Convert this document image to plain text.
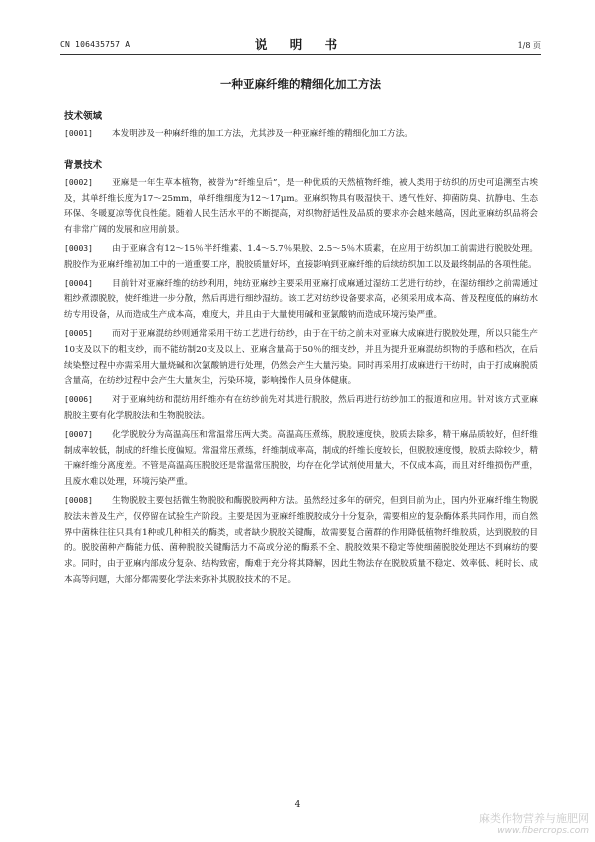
CN 106435757 A	说 明 书	1/8 页
一种亚麻纤维的精细化加工方法
技术领域

[0001] 本发明涉及一种麻纤维的加工方法，尤其涉及一种亚麻纤维的精细化加工方法。

背景技术

[0002] 亚麻是一年生草本植物，被誉为“纤维皇后”，是一种优质的天然植物纤维，被人类用于纺织的历史可追溯至古埃及，其单纤维长度为17～25mm，单纤维细度为12～17μm。亚麻织物具有吸湿快干、透气性好、抑菌防臭、抗静电、生态环保、冬暖夏凉等优良性能。随着人民生活水平的不断提高，对织物舒适性及品质的要求亦会越来越高，因此亚麻纺织品将会有非常广阔的发展和应用前景。

[0003] 由于亚麻含有12～15％半纤维素、1.4～5.7％果胶、2.5～5％木质素，在应用于纺织加工前需进行脱胶处理。脱胶作为亚麻纤维初加工中的一道重要工序，脱胶质量好坏，直接影响到亚麻纤维的后续纺织加工以及最终制品的各项性能。

[0004] 目前针对亚麻纤维的纺纱利用，纯纺亚麻纱主要采用亚麻打成麻通过湿纺工艺进行纺纱，在湿纺细纱之前需通过粗纱煮漂脱胶，使纤维进一步分散，然后再进行细纱湿纺。该工艺对纺纱设备要求高，必须采用成本高、普及程度低的麻纺水纺专用设备，从而造成生产成本高，难度大，并且由于大量使用碱和亚氯酸钠而造成环境污染严重。

[0005] 而对于亚麻混纺纱则通常采用干纺工艺进行纺纱，由于在干纺之前未对亚麻大成麻进行脱胶处理，所以只能生产10支及以下的粗支纱，而不能纺制20支及以上、亚麻含量高于50％的细支纱，并且为提升亚麻混纺织物的手感和档次，在后续染整过程中亦需采用大量烧碱和次氯酸钠进行处理，仍然会产生大量污染。同时再采用打成麻进行干纺时，由于打成麻脱质含量高，在纺纱过程中会产生大量灰尘，污染环境，影响操作人员身体健康。

[0006] 对于亚麻纯纺和混纺用纤维亦有在纺纱前先对其进行脱胶，然后再进行纺纱加工的报道和应用。针对该方式亚麻脱胶主要有化学脱胶法和生物脱胶法。

[0007] 化学脱胶分为高温高压和常温常压两大类。高温高压煮练，脱胶速度快，胶质去除多，精干麻品质较好，但纤维制成率较低，制成的纤维长度偏短。常温常压煮练，纤维制成率高，制成的纤维长度较长，但脱胶速度慢，胶质去除较少，精干麻纤维分离度差。不管是高温高压脱胶还是常温常压脱胶，均存在化学试剂使用量大，不仅成本高，而且对纤维损伤严重，且废水难以处理，环境污染严重。

[0008] 生物脱胶主要包括微生物脱胶和酶脱胶两种方法。虽然经过多年的研究，但到目前为止，国内外亚麻纤维生物脱胶法未普及生产，仅停留在试验生产阶段。主要是因为亚麻纤维脱胶成分十分复杂，需要相应的复杂酶体系共同作用，而自然界中菌株往往只具有1种或几种相关的酶类，或者缺少脱胶关键酶，故需要复合菌群的作用降低植物纤维胶质，达到脱胶的目的。脱胶菌种产酶能力低、菌种脱胶关键酶活力不高或分泌的酶系不全、脱胶效果不稳定等使细菌脱胶处理达不到麻纺的要求。同时，由于亚麻内部成分复杂、结构致密，酶难于充分将其降解，因此生物法存在脱胶质量不稳定、效率低、耗时长、成本高等问题，大部分都需要化学法来弥补其脱胶技术的不足。

4
麻类作物营养与施肥网
www.fibercrops.com
